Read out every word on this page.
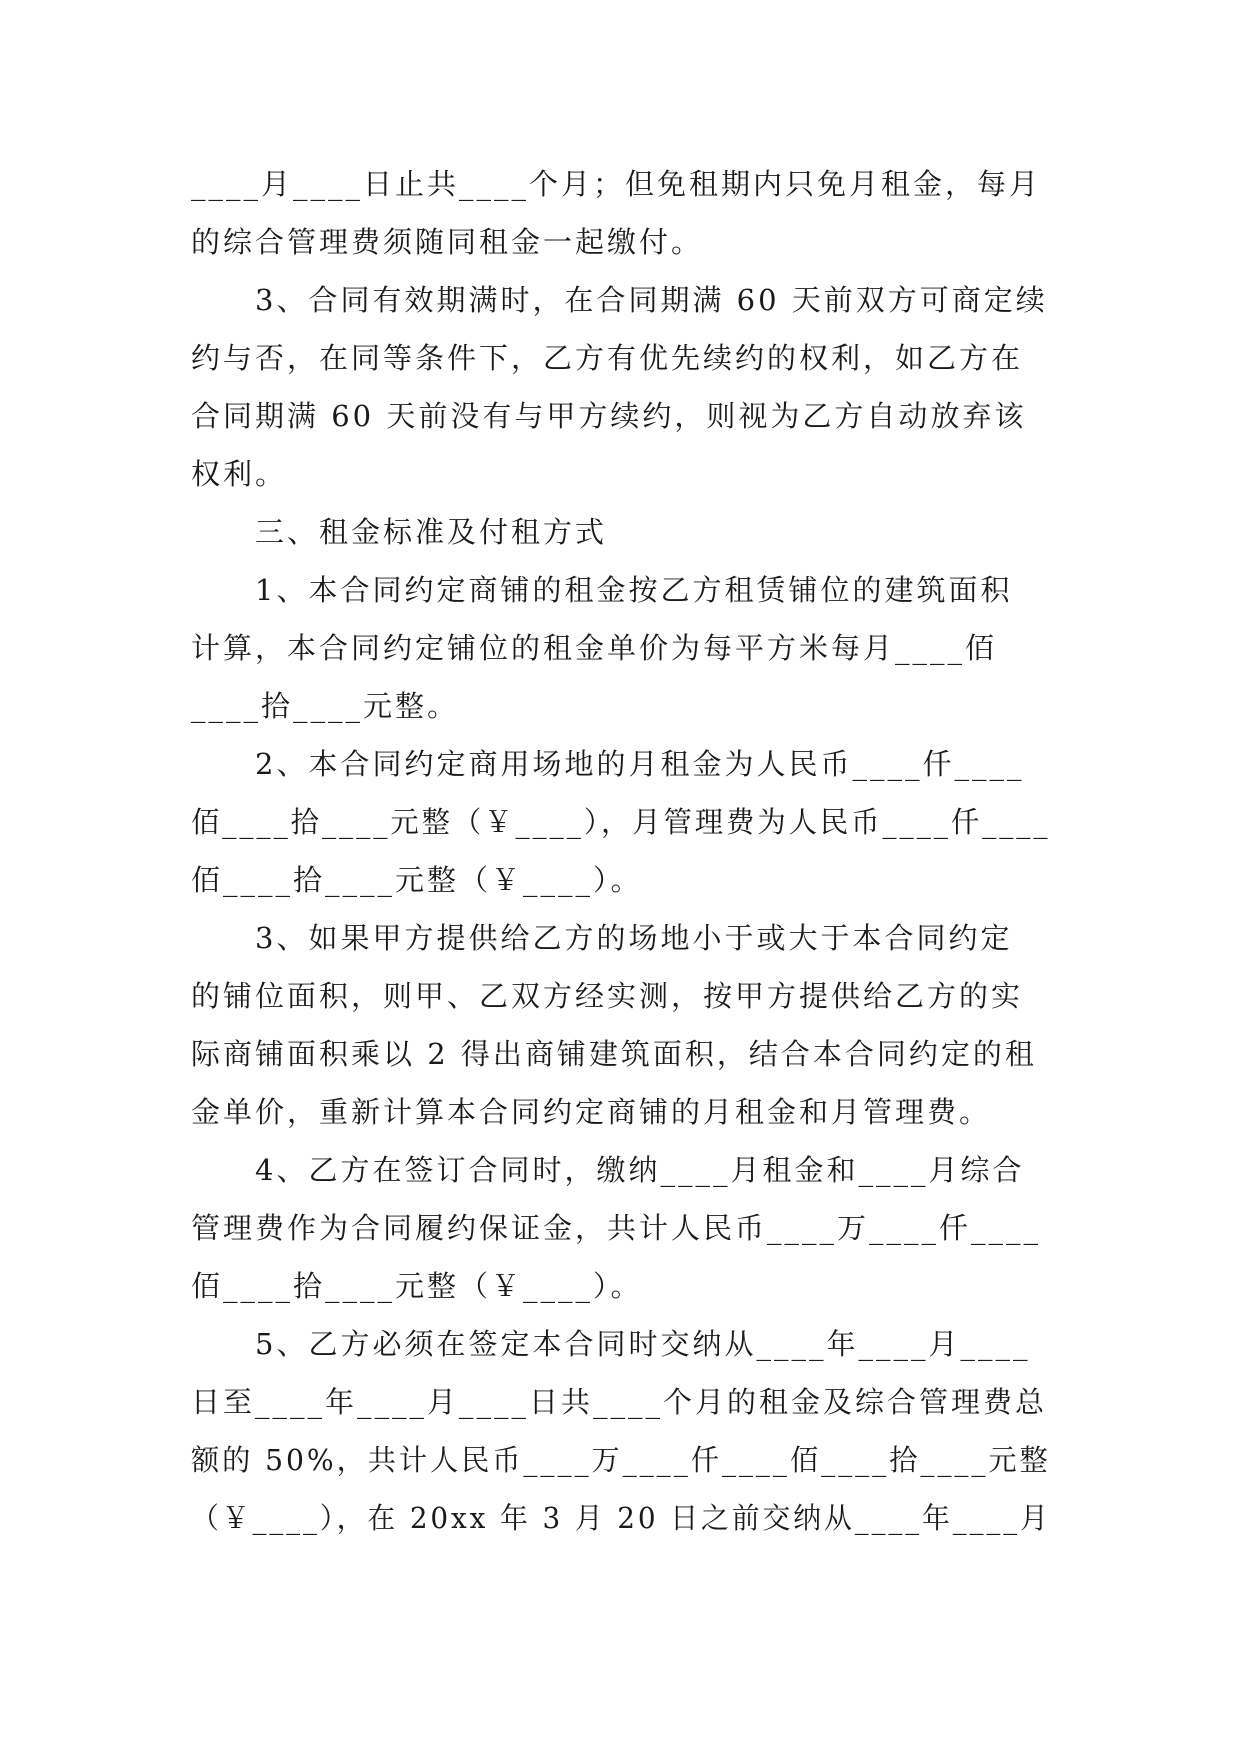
____月____日止共____个月；但免租期内只免月租金，每月
的综合管理费须随同租金一起缴付。
　　3、合同有效期满时，在合同期满 60 天前双方可商定续
约与否，在同等条件下，乙方有优先续约的权利，如乙方在
合同期满 60 天前没有与甲方续约，则视为乙方自动放弃该
权利。
　　三、租金标准及付租方式
　　1、本合同约定商铺的租金按乙方租赁铺位的建筑面积
计算，本合同约定铺位的租金单价为每平方米每月____佰
____拾____元整。
　　2、本合同约定商用场地的月租金为人民币____仟____
佰____拾____元整（￥____），月管理费为人民币____仟____
佰____拾____元整（￥____）。
　　3、如果甲方提供给乙方的场地小于或大于本合同约定
的铺位面积，则甲、乙双方经实测，按甲方提供给乙方的实
际商铺面积乘以 2 得出商铺建筑面积，结合本合同约定的租
金单价，重新计算本合同约定商铺的月租金和月管理费。
　　4、乙方在签订合同时，缴纳____月租金和____月综合
管理费作为合同履约保证金，共计人民币____万____仟____
佰____拾____元整（￥____）。
　　5、乙方必须在签定本合同时交纳从____年____月____
日至____年____月____日共____个月的租金及综合管理费总
额的 50%，共计人民币____万____仟____佰____拾____元整
（￥____），在 20xx 年 3 月 20 日之前交纳从____年____月
